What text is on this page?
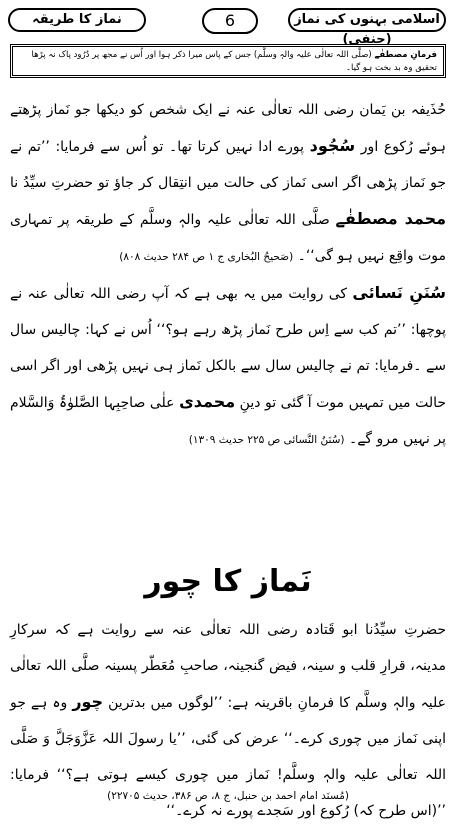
نماز کا طریقہ	6	اسلامی بہنوں کی نماز (حنفی)
فرمانِ مصطفٰے (صلَّی اللہ تعالٰی علیہ والہٖ وسلَّم) جس کے پاس میرا ذکر ہوا اور اُس نے مجھ پر دُرُود پاک نہ پڑھا تحقیق وہ بد بخت ہو گیا۔

حُذَیفہ بن یَمان رضی اللہ تعالٰی عنہ نے ایک شخص کو دیکھا جو نَماز پڑھتے ہوئے رُکوع اور سُجُود پورے ادا نہیں کرتا تھا۔ تو اُس سے فرمایا: ’’تم نے جو نَماز پڑھی اگر اسی نَماز کی حالت میں انتِقال کر جاؤ تو حضرتِ سیِّدُ نا محمد مصطفٰے صلَّی اللہ تعالٰی علیہ والہٖ وسلَّم کے طریقہ پر تمہاری موت واقِع نہیں ہو گی‘‘۔ (صَحیحُ البُخاری ج ۱ ص ۲۸۴ حدیث ۸۰۸)

سُنَنِ نَسائی کی روایت میں یہ بھی ہے کہ آپ رضی اللہ تعالٰی عنہ نے پوچھا: ’’تم کب سے اِس طرح نَماز پڑھ رہے ہو؟‘‘ اُس نے کہا: چالیس سال سے ۔فرمایا: تم نے چالیس سال سے بالکل نَماز ہی نہیں پڑھی اور اگر اسی حالت میں تمہیں موت آ گئی تو دینِ محمدی علٰی صاحِبِہا الصَّلوٰۃُ وَالسَّلام پر نہیں مرو گے۔ (سُنَنُ النَّسائی ص ۲۲۵ حدیث ۱۳۰۹)

نَماز کا چور

حضرتِ سیِّدُنا ابو قَتادہ رضی اللہ تعالٰی عنہ سے روایت ہے کہ سرکارِ مدینہ، قرارِ قلب و سینہ، فیض گنجینہ، صاحبِ مُعَطّر پسینہ صلَّی اللہ تعالٰی علیہ والہٖ وسلَّم کا فرمانِ باقرینہ ہے: ’’لوگوں میں بدترین چور وہ ہے جو اپنی نَماز میں چوری کرے۔‘‘ عرض کی گئی، ’’یا رسولَ اللہ عَزَّوَجَلَّ وَ صَلَّی اللہ تعالٰی علیہ والہٖ وسلَّم! نَماز میں چوری کیسے ہوتی ہے؟‘‘ فرمایا: ’’(اس طرح کہ) رُکوع اور سَجدے پورے نہ کرے۔‘‘

(مُسنَد امام احمد بن حنبل، ج ۸، ص ۳۸۶، حدیث ۲۲۷۰۵)
